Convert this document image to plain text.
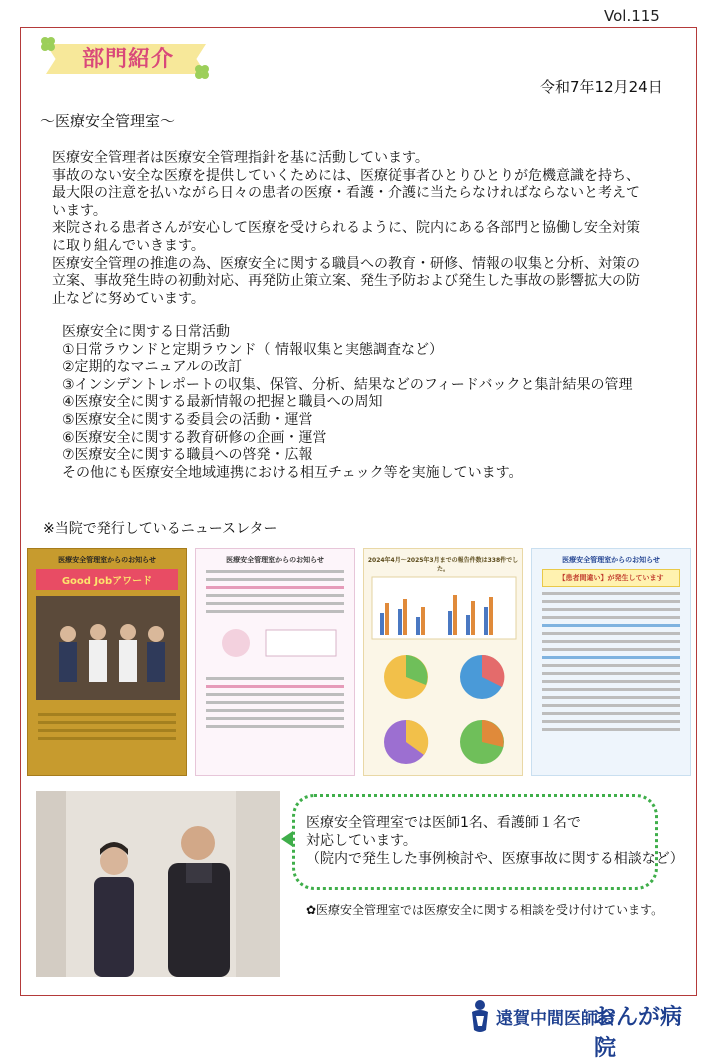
Vol.115
部門紹介
令和7年12月24日
～医療安全管理室～
医療安全管理者は医療安全管理指針を基に活動しています。
事故のない安全な医療を提供していくためには、医療従事者ひとりひとりが危機意識を持ち、
最大限の注意を払いながら日々の患者の医療・看護・介護に当たらなければならないと考えて
います。
来院される患者さんが安心して医療を受けられるように、院内にある各部門と協働し安全対策
に取り組んでいきます。
医療安全管理の推進の為、医療安全に関する職員への教育・研修、情報の収集と分析、対策の
立案、事故発生時の初動対応、再発防止策立案、発生予防および発生した事故の影響拡大の防
止などに努めています。
医療安全に関する日常活動
①日常ラウンドと定期ラウンド（ 情報収集と実態調査など）
②定期的なマニュアルの改訂
③インシデントレポートの収集、保管、分析、結果などのフィードバックと集計結果の管理
④医療安全に関する最新情報の把握と職員への周知
⑤医療安全に関する委員会の活動・運営
⑥医療安全に関する教育研修の企画・運営
⑦医療安全に関する職員への啓発・広報
その他にも医療安全地域連携における相互チェック等を実施しています。
※当院で発行しているニュースレター
医療安全管理室からのお知らせ
Good Jobアワード
医療安全管理室からのお知らせ	2024年4月～2025年3月までの報告件数は338件でした。

医療安全管理室からのお知らせ
【患者間違い】が発生しています
医療安全管理室では医師1名、看護師１名で
対応しています。
（院内で発生した事例検討や、医療事故に関する相談など）
✿医療安全管理室では医療安全に関する相談を受け付けています。
遠賀中間医師会
おんが病院
